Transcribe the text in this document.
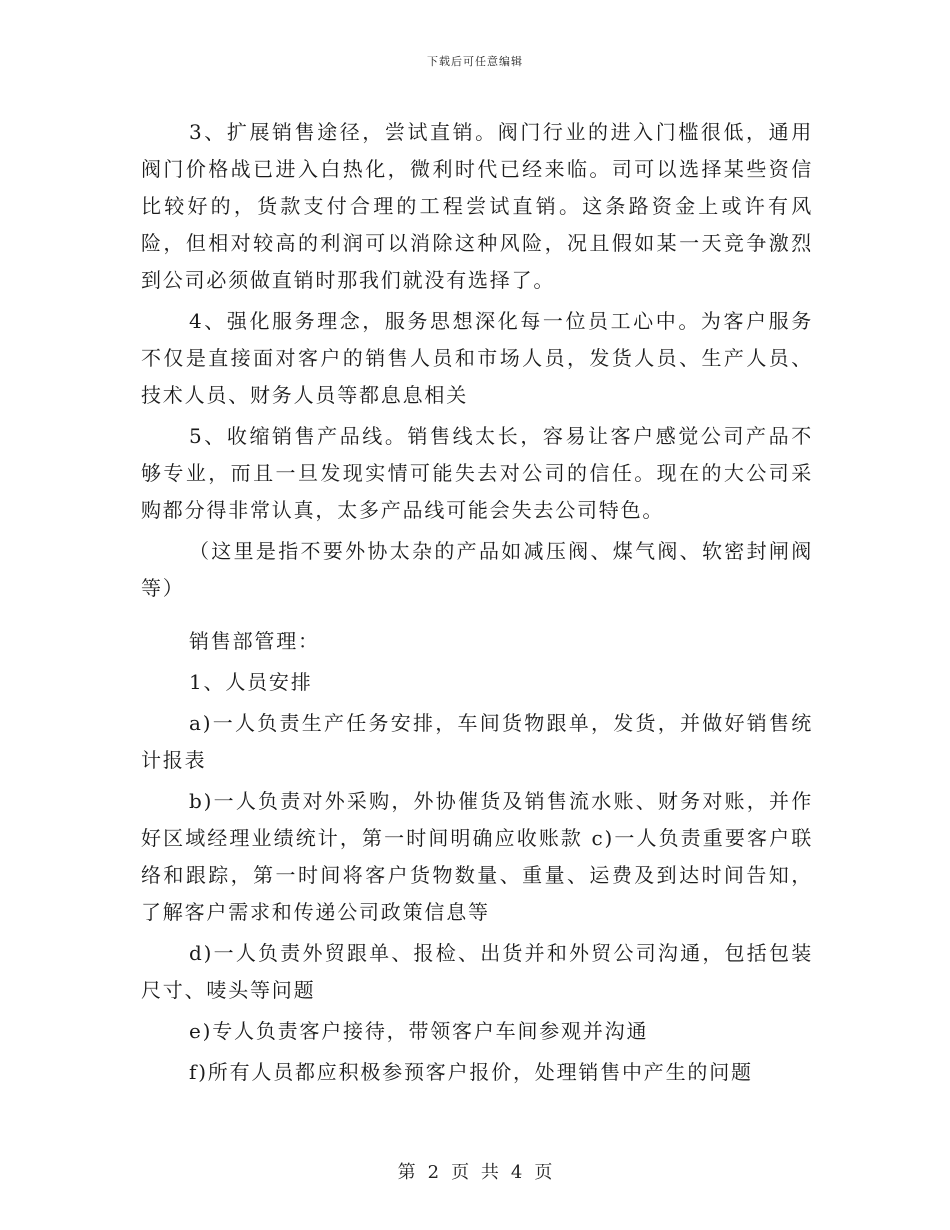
下载后可任意编辑

3、扩展销售途径，尝试直销。阀门行业的进入门槛很低，通用阀门价格战已进入白热化，微利时代已经来临。司可以选择某些资信比较好的，货款支付合理的工程尝试直销。这条路资金上或许有风险，但相对较高的利润可以消除这种风险，况且假如某一天竞争激烈到公司必须做直销时那我们就没有选择了。

4、强化服务理念，服务思想深化每一位员工心中。为客户服务不仅是直接面对客户的销售人员和市场人员，发货人员、生产人员、技术人员、财务人员等都息息相关

5、收缩销售产品线。销售线太长，容易让客户感觉公司产品不够专业，而且一旦发现实情可能失去对公司的信任。现在的大公司采购都分得非常认真，太多产品线可能会失去公司特色。

（这里是指不要外协太杂的产品如减压阀、煤气阀、软密封闸阀等）

销售部管理：

1、人员安排

a)一人负责生产任务安排，车间货物跟单，发货，并做好销售统计报表

b)一人负责对外采购，外协催货及销售流水账、财务对账，并作好区域经理业绩统计，第一时间明确应收账款 c)一人负责重要客户联络和跟踪，第一时间将客户货物数量、重量、运费及到达时间告知，了解客户需求和传递公司政策信息等

d)一人负责外贸跟单、报检、出货并和外贸公司沟通，包括包装尺寸、唛头等问题

e)专人负责客户接待，带领客户车间参观并沟通

f)所有人员都应积极参预客户报价，处理销售中产生的问题

第 2 页 共 4 页
